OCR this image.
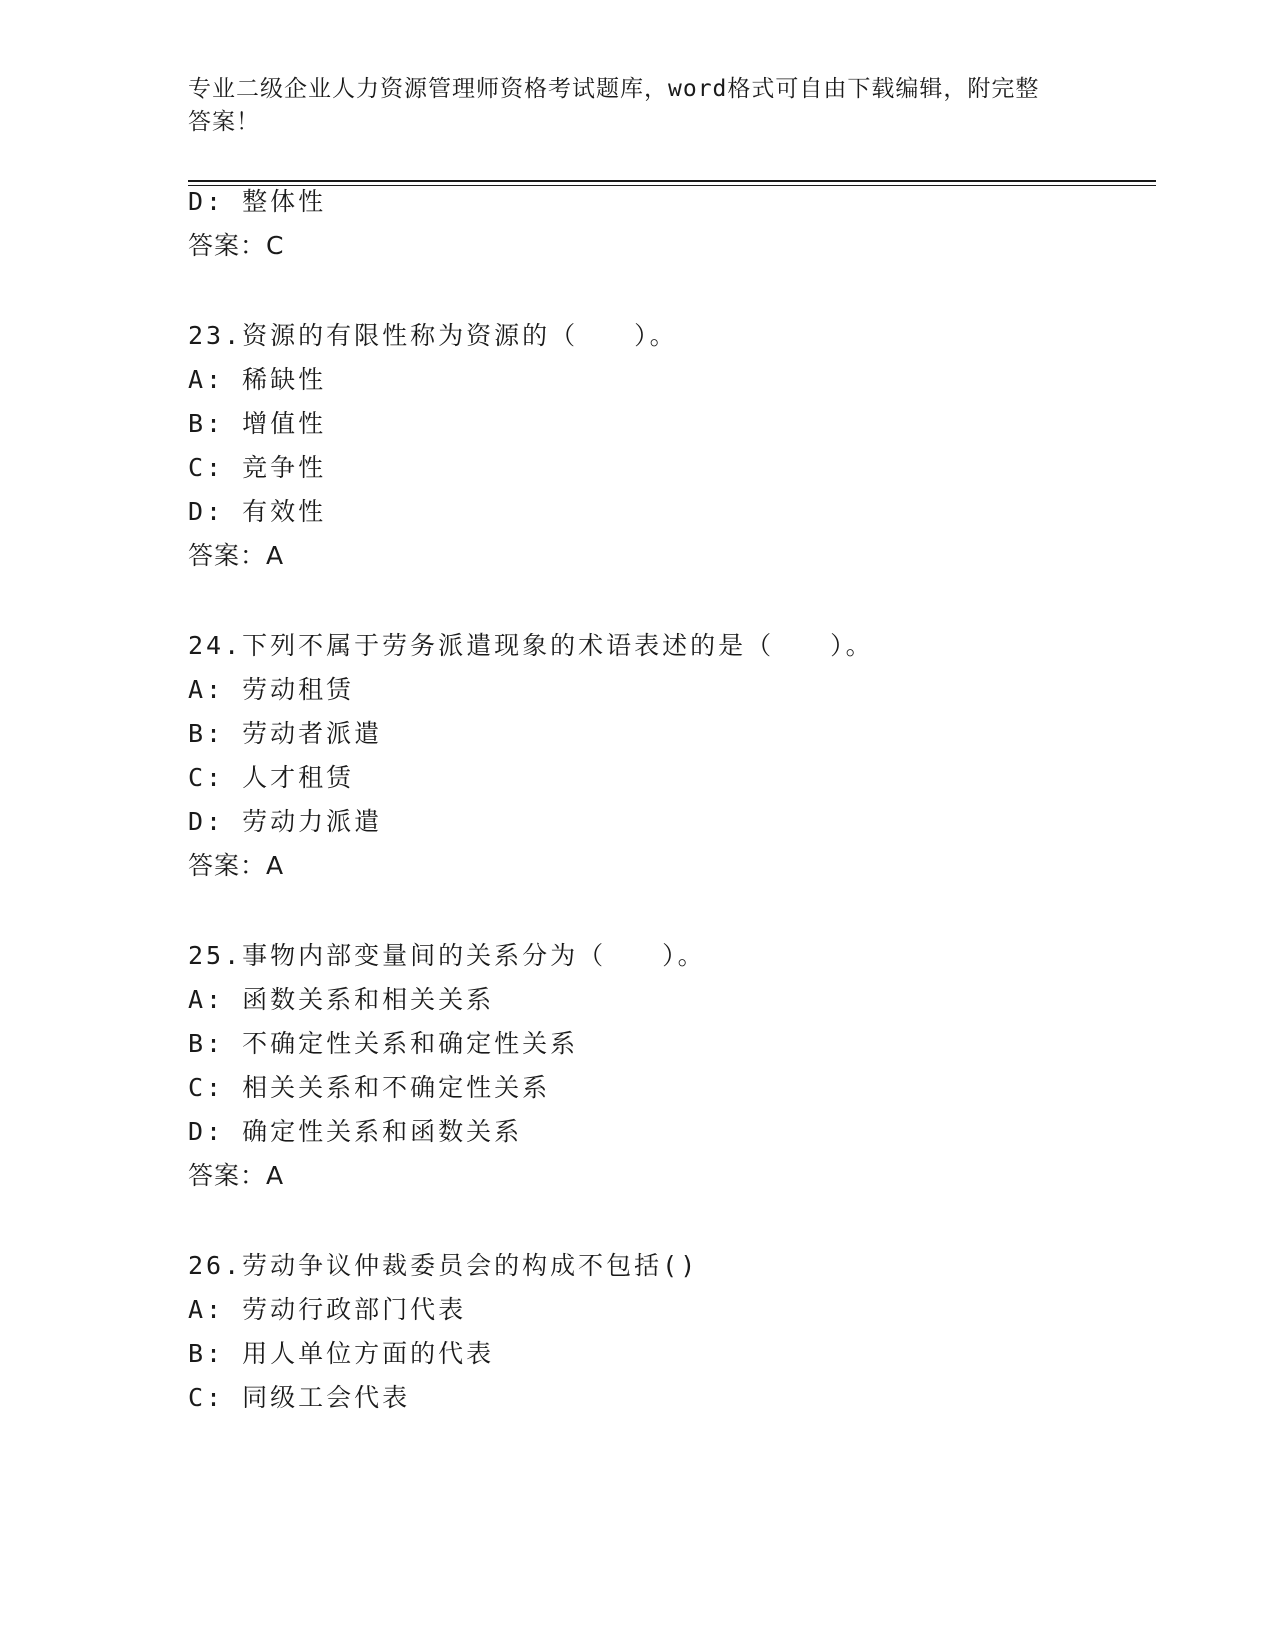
专业二级企业人力资源管理师资格考试题库，word格式可自由下载编辑，附完整
答案！
D: 整体性
答案：C
23.资源的有限性称为资源的（　　）。
A: 稀缺性
B: 增值性
C: 竞争性
D: 有效性
答案：A
24.下列不属于劳务派遣现象的术语表述的是（　　）。
A: 劳动租赁
B: 劳动者派遣
C: 人才租赁
D: 劳动力派遣
答案：A
25.事物内部变量间的关系分为（　　）。
A: 函数关系和相关关系
B: 不确定性关系和确定性关系
C: 相关关系和不确定性关系
D: 确定性关系和函数关系
答案：A
26.劳动争议仲裁委员会的构成不包括()
A: 劳动行政部门代表
B: 用人单位方面的代表
C: 同级工会代表
